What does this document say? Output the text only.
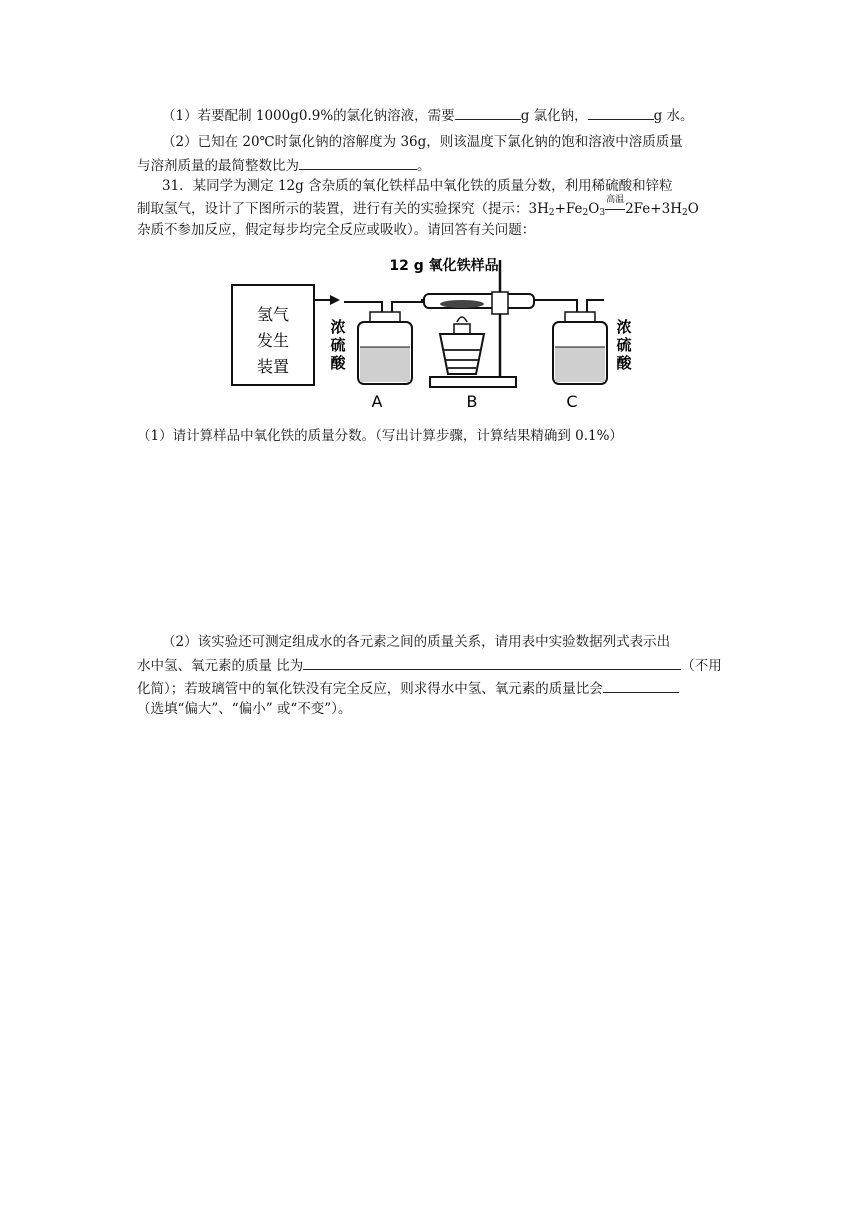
（1）若要配制 1000g0.9%的氯化钠溶液，需要	g 氯化钠，	g 水。
（2）已知在 20℃时氯化钠的溶解度为 36g，则该温度下氯化钠的饱和溶液中溶质质量
与溶剂质量的最简整数比为	。
31．某同学为测定 12g 含杂质的氧化铁样品中氧化铁的质量分数，利用稀硫酸和锌粒
制取氢气，设计了下图所示的装置，进行有关的实验探究（提示：$3H_2+Fe_2O_3$
高温
$2Fe+3H_2O$
杂质不参加反应，假定每步均完全反应或吸收）。请回答有关问题：
氢气
发生
装置
浓
硫
酸
A
12 g 氧化铁样品
B
浓
硫
酸
C
（1）请计算样品中氧化铁的质量分数。（写出计算步骤，计算结果精确到 0.1%）
（2）该实验还可测定组成水的各元素之间的质量关系，请用表中实验数据列式表示出
水中氢、氧元素的质量 比为	（不用
化简）；若玻璃管中的氧化铁没有完全反应，则求得水中氢、氧元素的质量比会
（选填“偏大”、“偏小” 或“不变”）。
